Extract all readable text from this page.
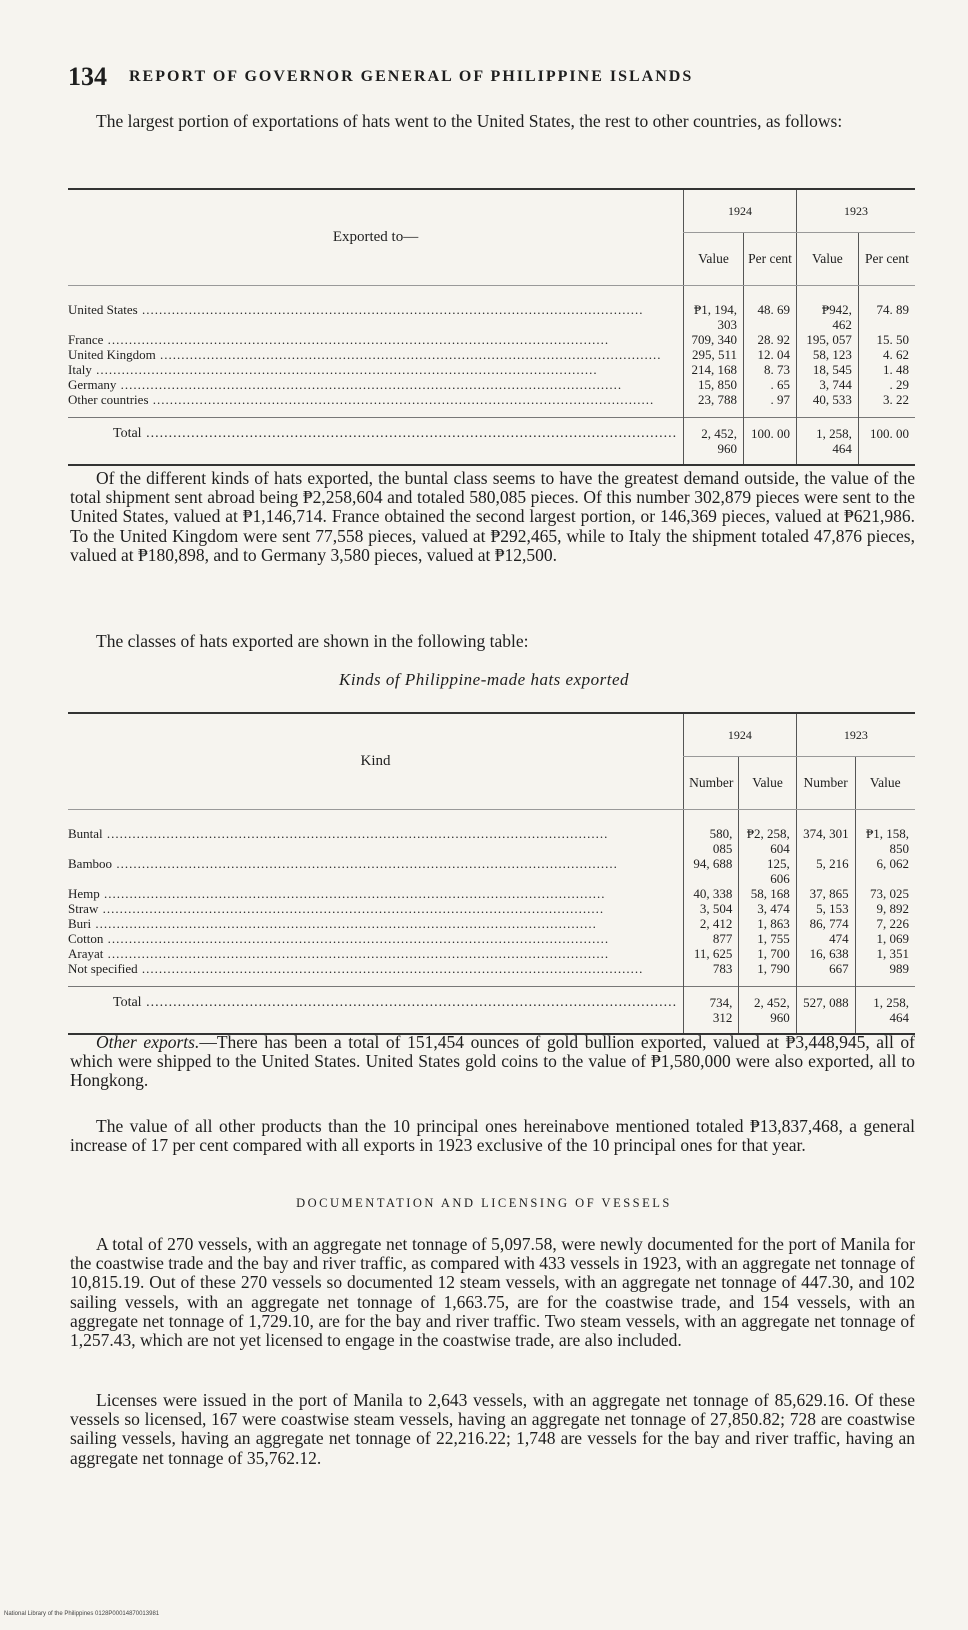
134 REPORT OF GOVERNOR GENERAL OF PHILIPPINE ISLANDS

The largest portion of exportations of hats went to the United States, the rest to other countries, as follows:

Exported to—	1924		1923	
	Value	Per cent	Value	Per cent
United States .....	₱1, 194, 303	48. 69	₱942, 462	74. 89
France .....	709, 340	28. 92	195, 057	15. 50
United Kingdom .....	295, 511	12. 04	58, 123	4. 62
Italy .....	214, 168	8. 73	18, 545	1. 48
Germany .....	15, 850	. 65	3, 744	. 29
Other countries .....	23, 788	. 97	40, 533	3. 22
Total .....	2, 452, 960	100. 00	1, 258, 464	100. 00

Of the different kinds of hats exported, the buntal class seems to have the greatest demand outside, the value of the total shipment sent abroad being ₱2,258,604 and totaled 580,085 pieces. Of this number 302,879 pieces were sent to the United States, valued at ₱1,146,714. France obtained the second largest portion, or 146,369 pieces, valued at ₱621,986. To the United Kingdom were sent 77,558 pieces, valued at ₱292,465, while to Italy the shipment totaled 47,876 pieces, valued at ₱180,898, and to Germany 3,580 pieces, valued at ₱12,500.

The classes of hats exported are shown in the following table:

Kinds of Philippine-made hats exported
Kind	1924		1923	
	Number	Value	Number	Value
Buntal .....	580, 085	₱2, 258, 604	374, 301	₱1, 158, 850
Bamboo .....	94, 688	125, 606	5, 216	6, 062
Hemp .....	40, 338	58, 168	37, 865	73, 025
Straw .....	3, 504	3, 474	5, 153	9, 892
Buri .....	2, 412	1, 863	86, 774	7, 226
Cotton .....	877	1, 755	474	1, 069
Arayat .....	11, 625	1, 700	16, 638	1, 351
Not specified .....	783	1, 790	667	989
Total .....	734, 312	2, 452, 960	527, 088	1, 258, 464

Other exports.—There has been a total of 151,454 ounces of gold bullion exported, valued at ₱3,448,945, all of which were shipped to the United States. United States gold coins to the value of ₱1,580,000 were also exported, all to Hongkong.

The value of all other products than the 10 principal ones hereinabove mentioned totaled ₱13,837,468, a general increase of 17 per cent compared with all exports in 1923 exclusive of the 10 principal ones for that year.

DOCUMENTATION AND LICENSING OF VESSELS

A total of 270 vessels, with an aggregate net tonnage of 5,097.58, were newly documented for the port of Manila for the coastwise trade and the bay and river traffic, as compared with 433 vessels in 1923, with an aggregate net tonnage of 10,815.19. Out of these 270 vessels so documented 12 steam vessels, with an aggregate net tonnage of 447.30, and 102 sailing vessels, with an aggregate net tonnage of 1,663.75, are for the coastwise trade, and 154 vessels, with an aggregate net tonnage of 1,729.10, are for the bay and river traffic. Two steam vessels, with an aggregate net tonnage of 1,257.43, which are not yet licensed to engage in the coastwise trade, are also included.

Licenses were issued in the port of Manila to 2,643 vessels, with an aggregate net tonnage of 85,629.16. Of these vessels so licensed, 167 were coastwise steam vessels, having an aggregate net tonnage of 27,850.82; 728 are coastwise sailing vessels, having an aggregate net tonnage of 22,216.22; 1,748 are vessels for the bay and river traffic, having an aggregate net tonnage of 35,762.12.

National Library of the Philippines 0128P00014870013981
